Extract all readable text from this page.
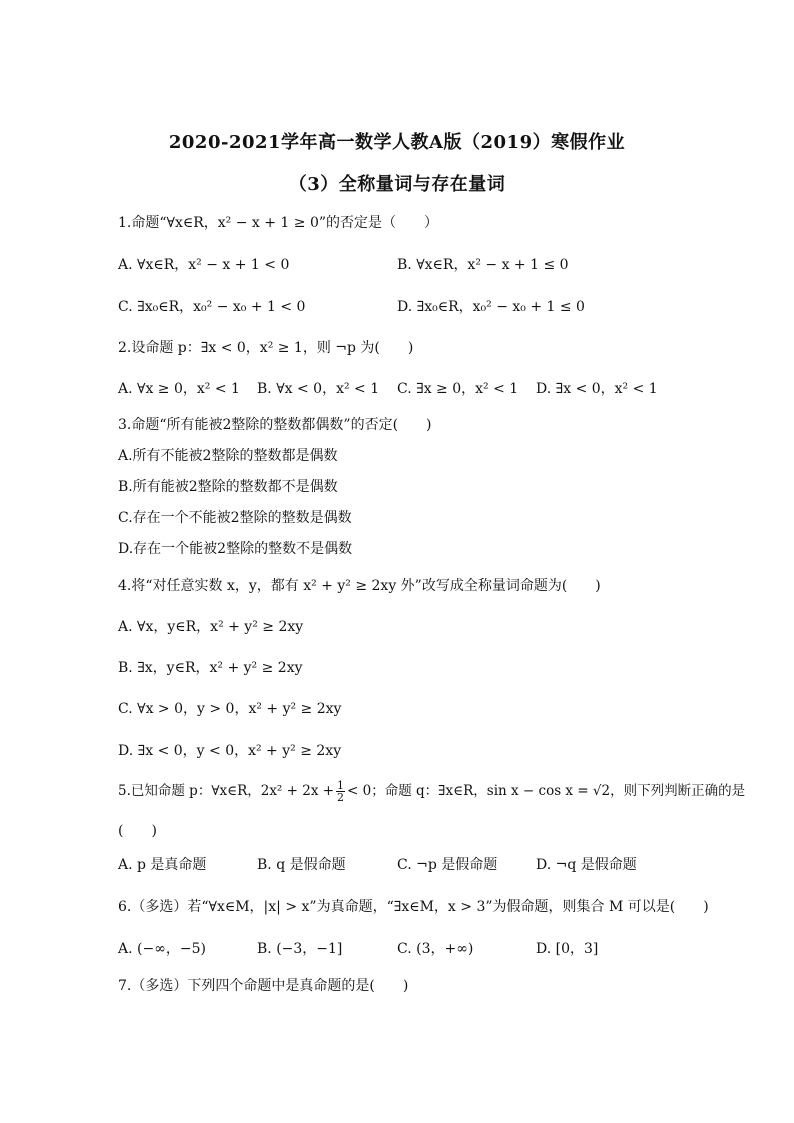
2020-2021学年高一数学人教A版（2019）寒假作业
（3）全称量词与存在量词
1.命题“∀x∈R，x² − x + 1 ≥ 0”的否定是（　　）
A. ∀x∈R，x² − x + 1 < 0	B. ∀x∈R，x² − x + 1 ≤ 0
C. ∃x₀∈R，x₀² − x₀ + 1 < 0	D. ∃x₀∈R，x₀² − x₀ + 1 ≤ 0
2.设命题 p：∃x < 0，x² ≥ 1，则 ¬p 为(　　)
A. ∀x ≥ 0，x² < 1 B. ∀x < 0，x² < 1 C. ∃x ≥ 0，x² < 1 D. ∃x < 0，x² < 1
3.命题“所有能被2整除的整数都偶数”的否定(　　)
A.所有不能被2整除的整数都是偶数
B.所有能被2整除的整数都不是偶数
C.存在一个不能被2整除的整数是偶数
D.存在一个能被2整除的整数不是偶数
4.将“对任意实数 x，y，都有 x² + y² ≥ 2xy 外”改写成全称量词命题为(　　)
A. ∀x，y∈R，x² + y² ≥ 2xy
B. ∃x，y∈R，x² + y² ≥ 2xy
C. ∀x > 0，y > 0，x² + y² ≥ 2xy
D. ∃x < 0，y < 0，x² + y² ≥ 2xy
5.已知命题 p：∀x∈R，$2x^2 + 2x + \frac{1}{2} < 0$；命题 q：∃x∈R，sin x − cos x = √2，则下列判断正确的是
(　　)
A. p 是真命题	B. q 是假命题	C. ¬p 是假命题	D. ¬q 是假命题
6.（多选）若“∀x∈M，|x| > x”为真命题，“∃x∈M，x > 3”为假命题，则集合 M 可以是(　　)
A. (−∞，−5)	B. (−3，−1]	C. (3，+∞)	D. [0，3]
7.（多选）下列四个命题中是真命题的是(　　)
